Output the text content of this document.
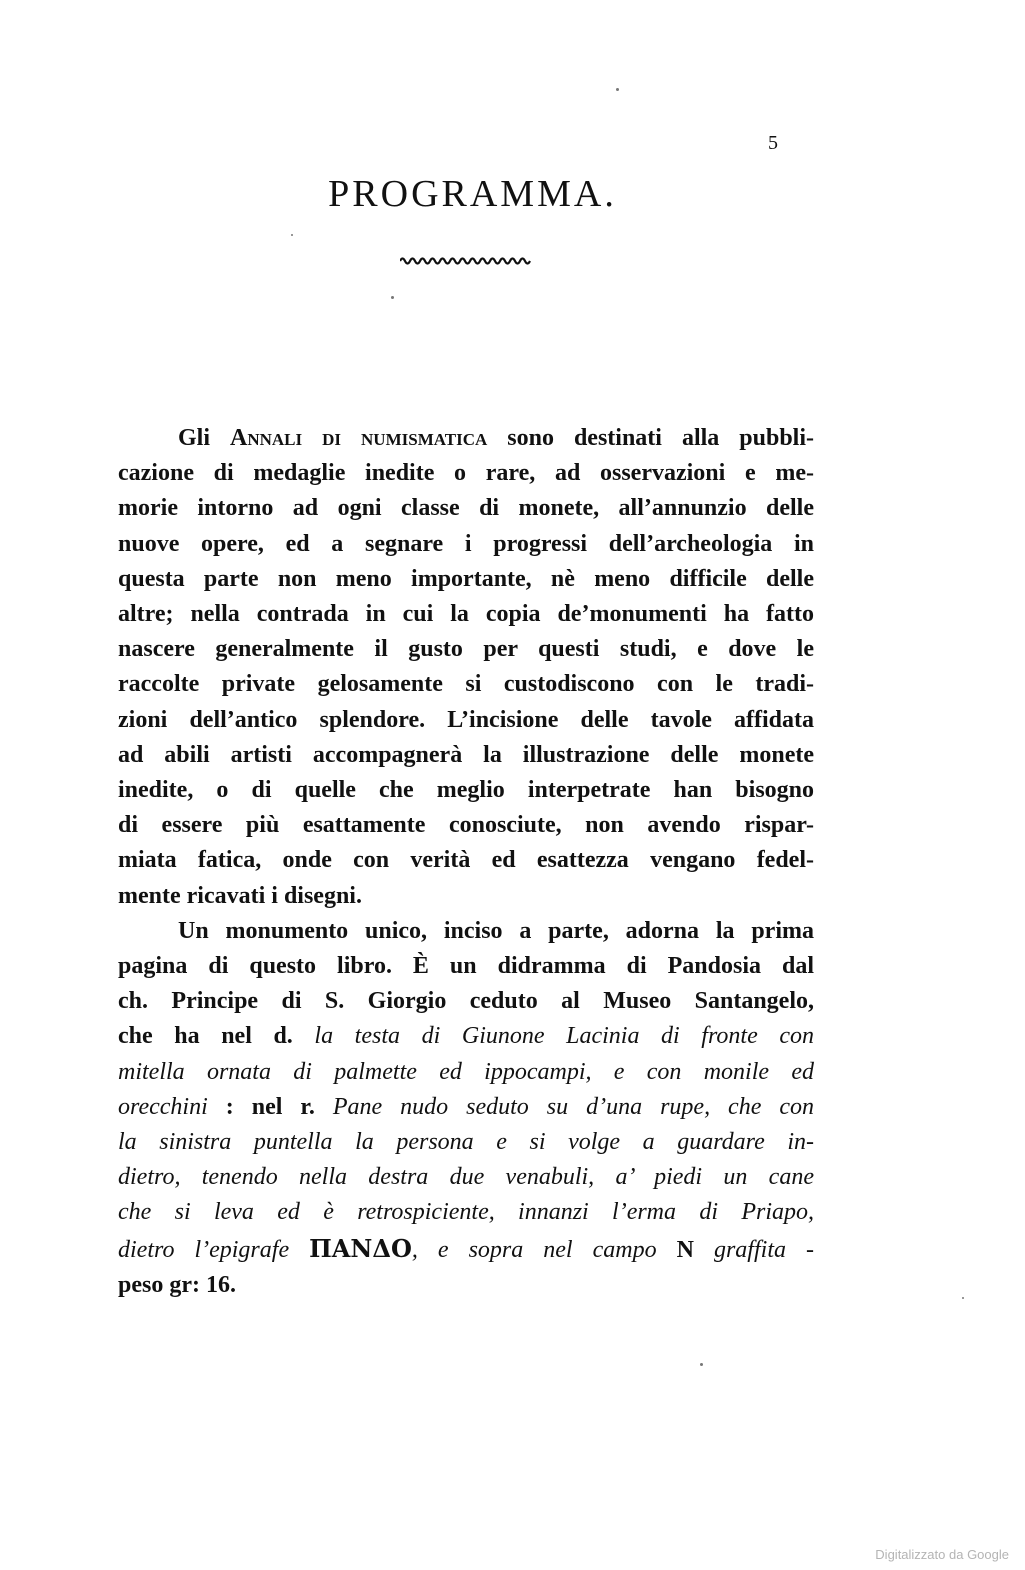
5
PROGRAMMA.
Gli Annali di numismatica sono destinati alla pubbli-
cazione di medaglie inedite o rare, ad osservazioni e me-
morie intorno ad ogni classe di monete, all’annunzio delle
nuove opere, ed a segnare i progressi dell’archeologia in
questa parte non meno importante, nè meno difficile delle
altre; nella contrada in cui la copia de’monumenti ha fatto
nascere generalmente il gusto per questi studi, e dove le
raccolte private gelosamente si custodiscono con le tradi-
zioni dell’antico splendore. L’incisione delle tavole affidata
ad abili artisti accompagnerà la illustrazione delle monete
inedite, o di quelle che meglio interpetrate han bisogno
di essere più esattamente conosciute, non avendo rispar-
miata fatica, onde con verità ed esattezza vengano fedel-
mente ricavati i disegni.
Un monumento unico, inciso a parte, adorna la prima
pagina di questo libro. È un didramma di Pandosia dal
ch. Principe di S. Giorgio ceduto al Museo Santangelo,
che ha nel d. la testa di Giunone Lacinia di fronte con
mitella ornata di palmette ed ippocampi, e con monile ed
orecchini : nel r. Pane nudo seduto su d’una rupe, che con
la sinistra puntella la persona e si volge a guardare in-
dietro, tenendo nella destra due venabuli, a’ piedi un cane
che si leva ed è retrospiciente, innanzi l’erma di Priapo,
dietro l’epigrafe ΠΑΝΔΟ, e sopra nel campo N graffita -
peso gr: 16.
Digitalizzato da Google
